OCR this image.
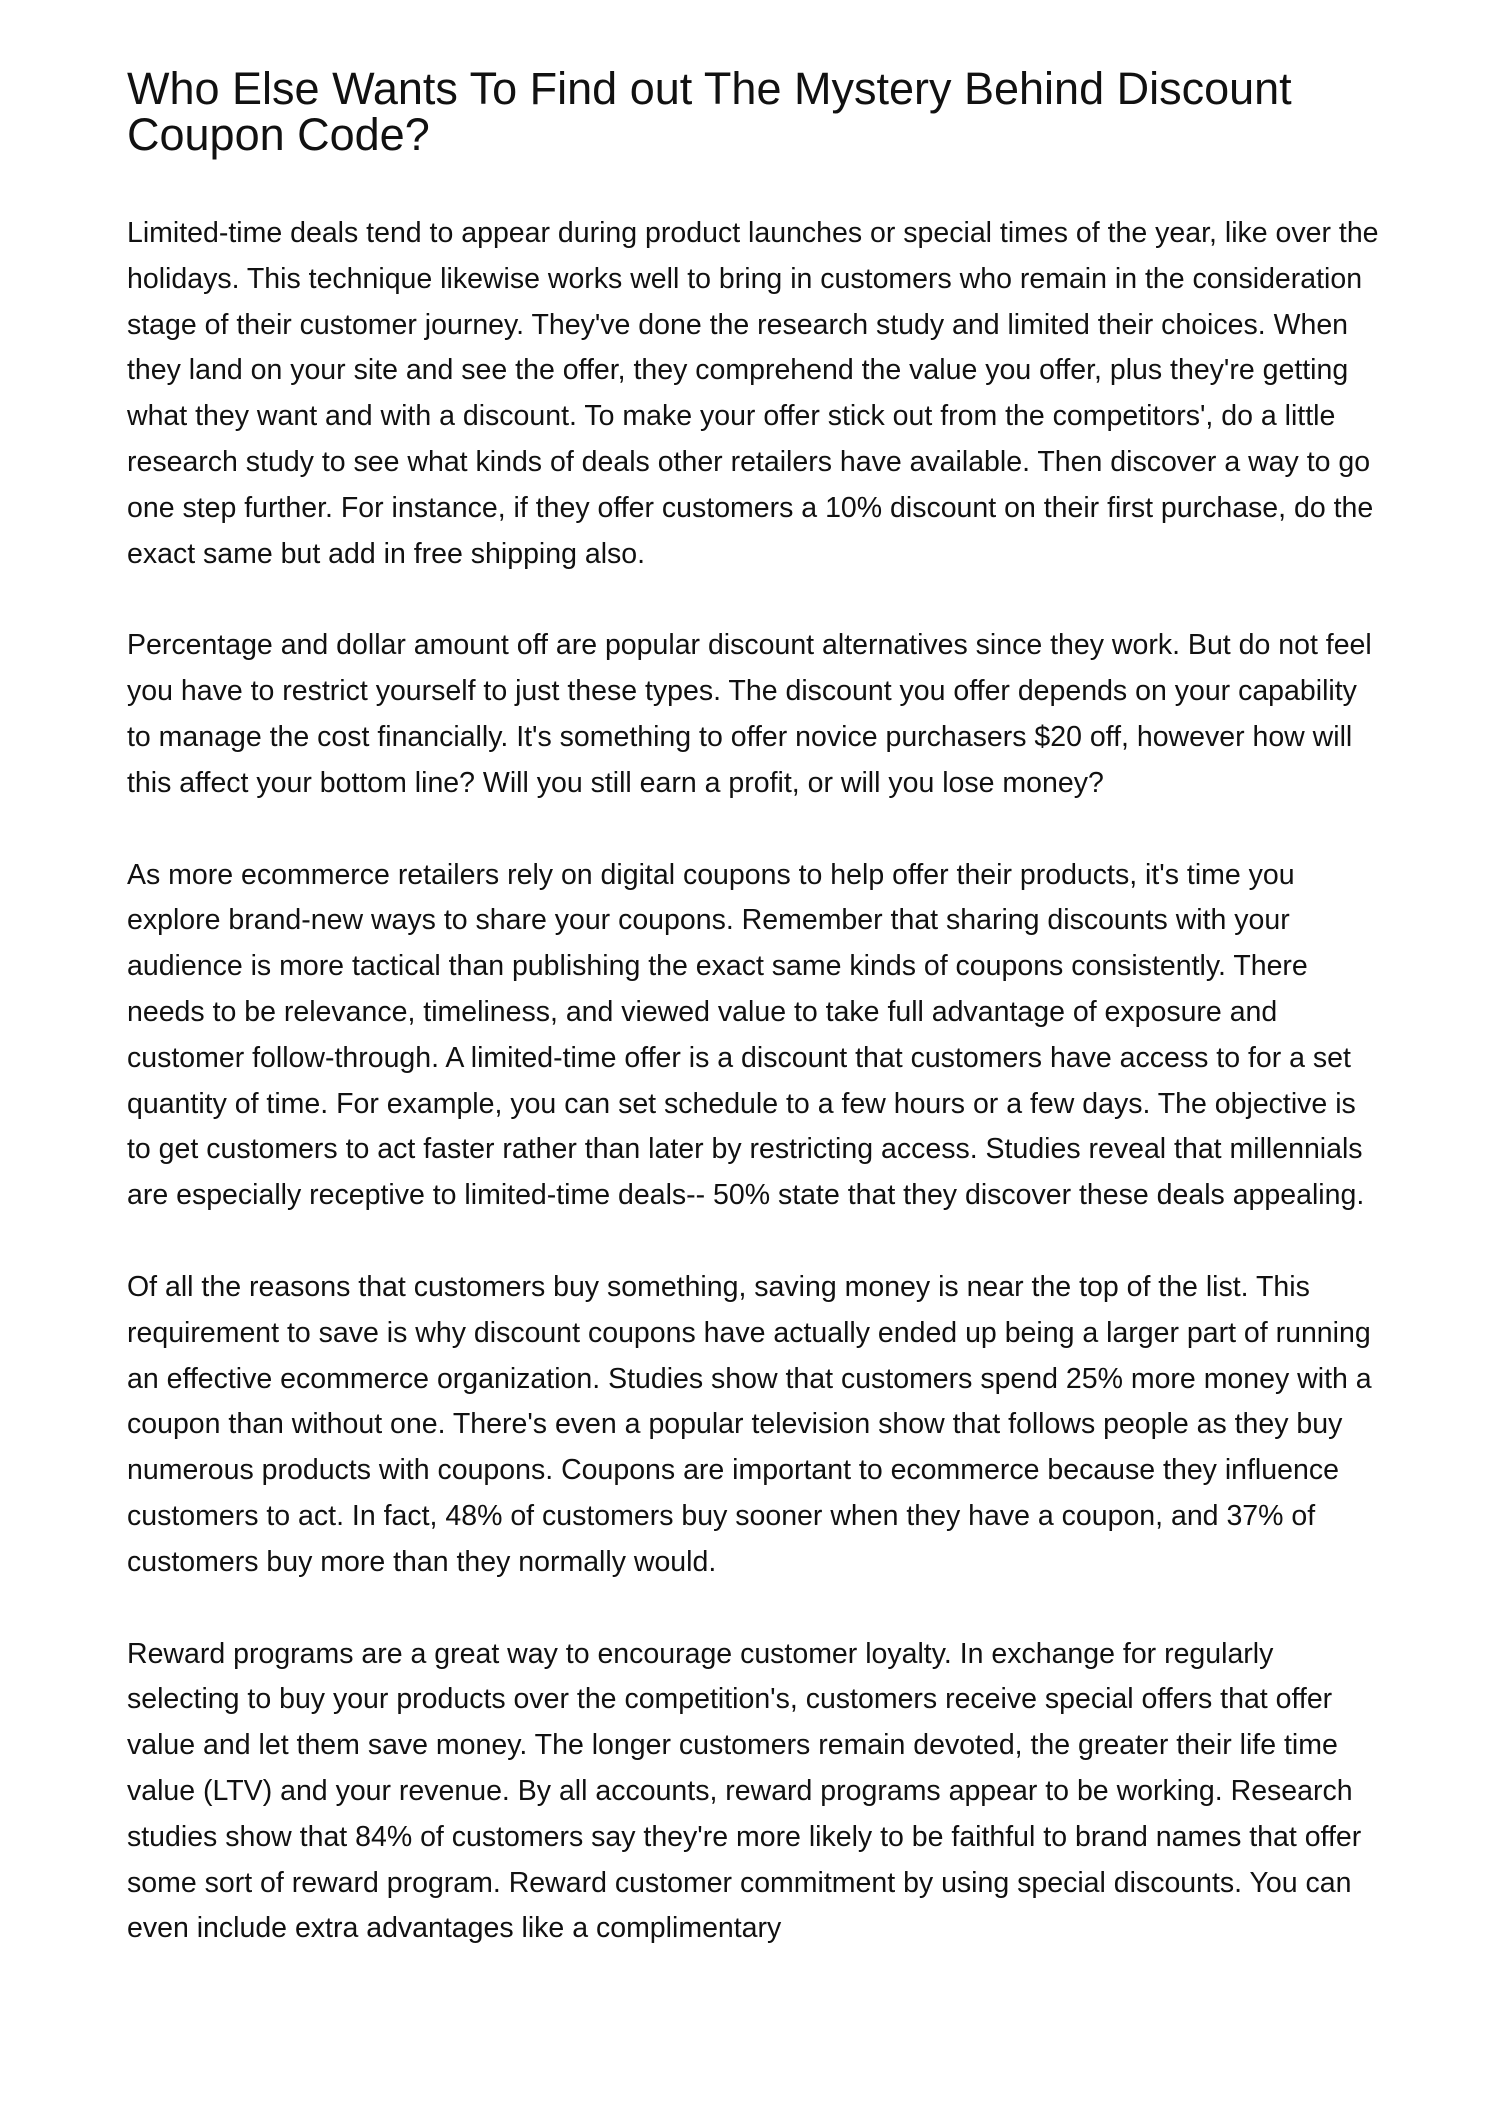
Who Else Wants To Find out The Mystery Behind Discount Coupon Code?

Limited-time deals tend to appear during product launches or special times of the year, like over the holidays. This technique likewise works well to bring in customers who remain in the consideration stage of their customer journey. They've done the research study and limited their choices. When they land on your site and see the offer, they comprehend the value you offer, plus they're getting what they want and with a discount. To make your offer stick out from the competitors', do a little research study to see what kinds of deals other retailers have available. Then discover a way to go one step further. For instance, if they offer customers a 10% discount on their first purchase, do the exact same but add in free shipping also.

Percentage and dollar amount off are popular discount alternatives since they work. But do not feel you have to restrict yourself to just these types. The discount you offer depends on your capability to manage the cost financially. It's something to offer novice purchasers $20 off, however how will this affect your bottom line? Will you still earn a profit, or will you lose money?

As more ecommerce retailers rely on digital coupons to help offer their products, it's time you explore brand-new ways to share your coupons. Remember that sharing discounts with your audience is more tactical than publishing the exact same kinds of coupons consistently. There needs to be relevance, timeliness, and viewed value to take full advantage of exposure and customer follow-through. A limited-time offer is a discount that customers have access to for a set quantity of time. For example, you can set schedule to a few hours or a few days. The objective is to get customers to act faster rather than later by restricting access. Studies reveal that millennials are especially receptive to limited-time deals-- 50% state that they discover these deals appealing.

Of all the reasons that customers buy something, saving money is near the top of the list. This requirement to save is why discount coupons have actually ended up being a larger part of running an effective ecommerce organization. Studies show that customers spend 25% more money with a coupon than without one. There's even a popular television show that follows people as they buy numerous products with coupons. Coupons are important to ecommerce because they influence customers to act. In fact, 48% of customers buy sooner when they have a coupon, and 37% of customers buy more than they normally would.

Reward programs are a great way to encourage customer loyalty. In exchange for regularly selecting to buy your products over the competition's, customers receive special offers that offer value and let them save money. The longer customers remain devoted, the greater their life time value (LTV) and your revenue. By all accounts, reward programs appear to be working. Research studies show that 84% of customers say they're more likely to be faithful to brand names that offer some sort of reward program. Reward customer commitment by using special discounts. You can even include extra advantages like a complimentary
